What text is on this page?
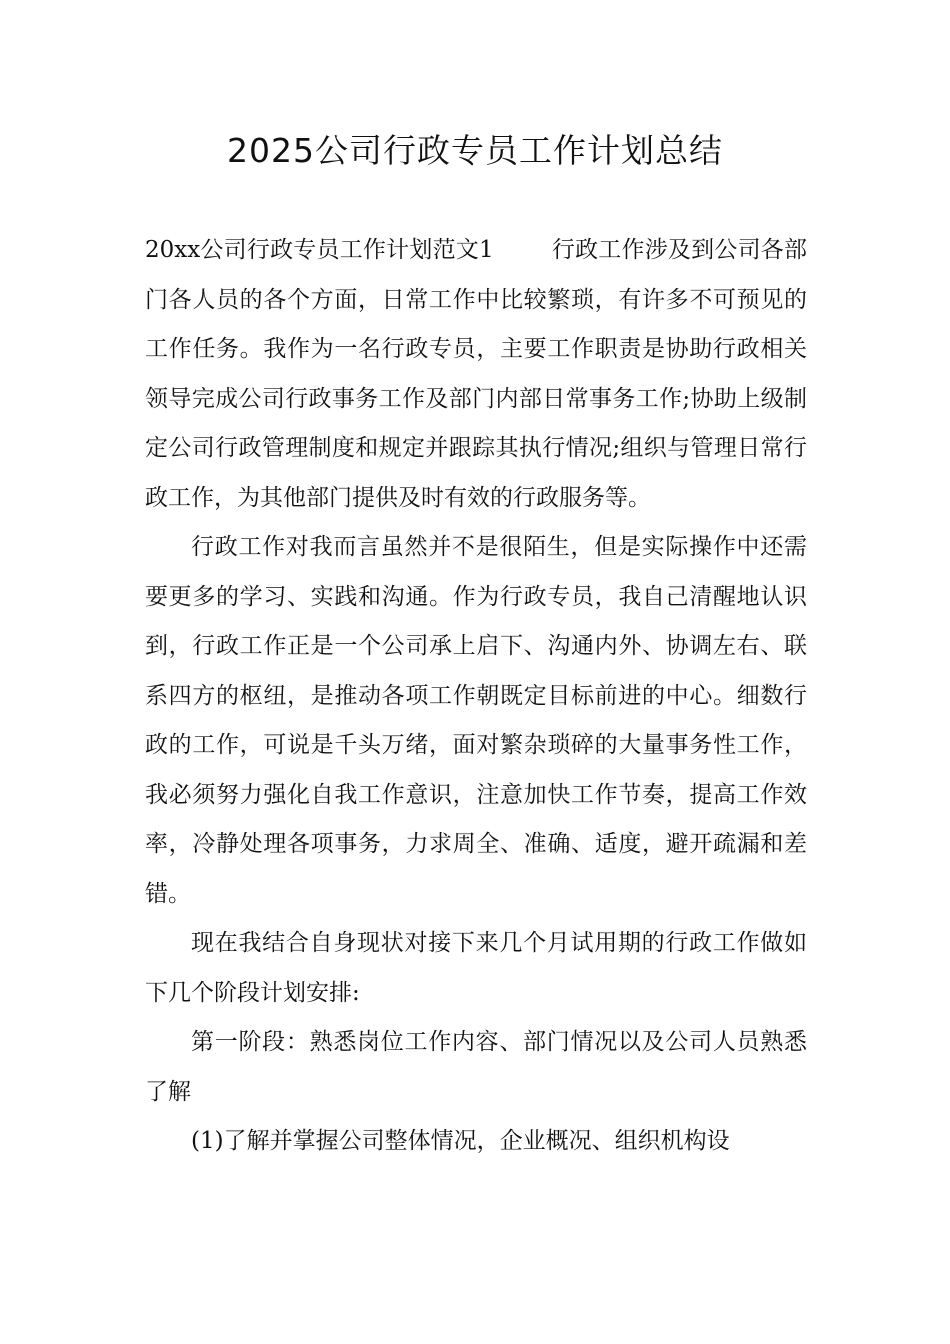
2025公司行政专员工作计划总结

20xx公司行政专员工作计划范文1	行政工作涉及到公司各部门各人员的各个方面，日常工作中比较繁琐，有许多不可预见的工作任务。我作为一名行政专员，主要工作职责是协助行政相关领导完成公司行政事务工作及部门内部日常事务工作;协助上级制定公司行政管理制度和规定并跟踪其执行情况;组织与管理日常行政工作，为其他部门提供及时有效的行政服务等。

行政工作对我而言虽然并不是很陌生，但是实际操作中还需要更多的学习、实践和沟通。作为行政专员，我自己清醒地认识到，行政工作正是一个公司承上启下、沟通内外、协调左右、联系四方的枢纽，是推动各项工作朝既定目标前进的中心。细数行政的工作，可说是千头万绪，面对繁杂琐碎的大量事务性工作，我必须努力强化自我工作意识，注意加快工作节奏，提高工作效率，冷静处理各项事务，力求周全、准确、适度，避开疏漏和差错。

现在我结合自身现状对接下来几个月试用期的行政工作做如下几个阶段计划安排:

第一阶段：熟悉岗位工作内容、部门情况以及公司人员熟悉了解

(1)了解并掌握公司整体情况，企业概况、组织机构设
